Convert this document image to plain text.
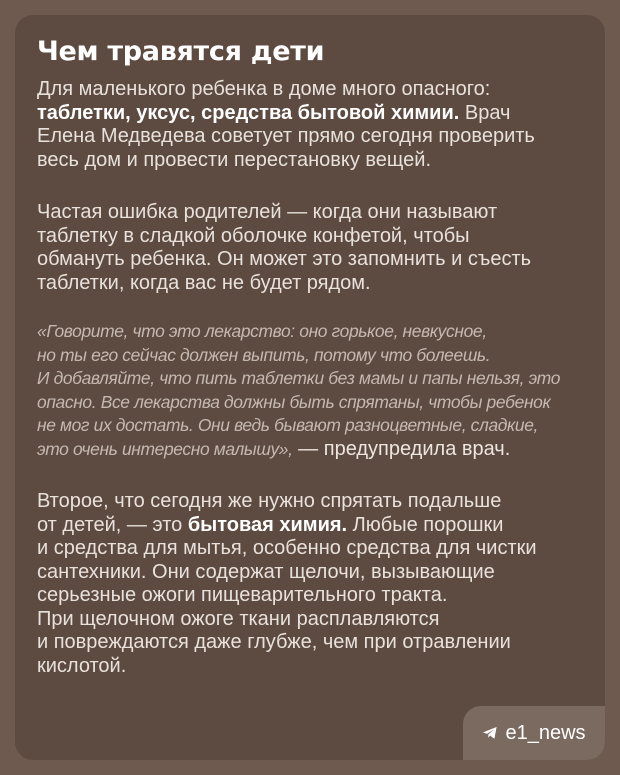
Чем травятся дети
Для маленького ребенка в доме много опасного:
таблетки, уксус, средства бытовой химии. Врач
Елена Медведева советует прямо сегодня проверить
весь дом и провести перестановку вещей.
Частая ошибка родителей — когда они называют
таблетку в сладкой оболочке конфетой, чтобы
обмануть ребенка. Он может это запомнить и съесть
таблетки, когда вас не будет рядом.
«Говорите, что это лекарство: оно горькое, невкусное,
но ты его сейчас должен выпить, потому что болеешь.
И добавляйте, что пить таблетки без мамы и папы нельзя, это
опасно. Все лекарства должны быть спрятаны, чтобы ребенок
не мог их достать. Они ведь бывают разноцветные, сладкие,
это очень интересно малышу», — предупредила врач.
Второе, что сегодня же нужно спрятать подальше
от детей, — это бытовая химия. Любые порошки
и средства для мытья, особенно средства для чистки
сантехники. Они содержат щелочи, вызывающие
серьезные ожоги пищеварительного тракта.
При щелочном ожоге ткани расплавляются
и повреждаются даже глубже, чем при отравлении
кислотой.
e1_news
